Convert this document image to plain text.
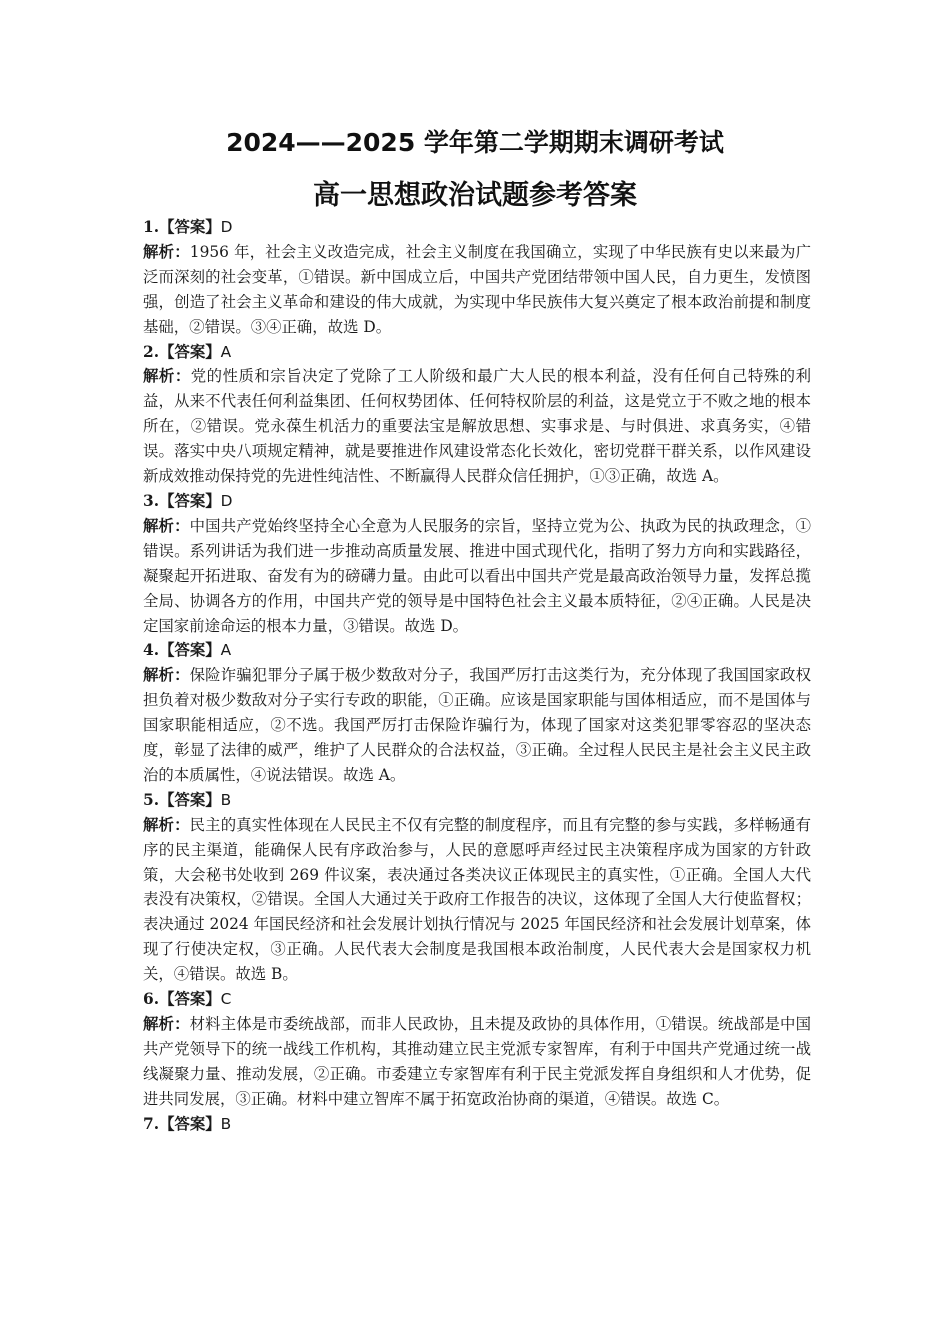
2024——2025 学年第二学期期末调研考试
高一思想政治试题参考答案
1.【答案】D
解析：1956 年，社会主义改造完成，社会主义制度在我国确立，实现了中华民族有史以来最为广泛而深刻的社会变革，①错误。新中国成立后，中国共产党团结带领中国人民，自力更生，发愤图强，创造了社会主义革命和建设的伟大成就，为实现中华民族伟大复兴奠定了根本政治前提和制度基础，②错误。③④正确，故选 D。
2.【答案】A
解析：党的性质和宗旨决定了党除了工人阶级和最广大人民的根本利益，没有任何自己特殊的利益，从来不代表任何利益集团、任何权势团体、任何特权阶层的利益，这是党立于不败之地的根本所在，②错误。党永葆生机活力的重要法宝是解放思想、实事求是、与时俱进、求真务实，④错误。落实中央八项规定精神，就是要推进作风建设常态化长效化，密切党群干群关系，以作风建设新成效推动保持党的先进性纯洁性、不断赢得人民群众信任拥护，①③正确，故选 A。
3.【答案】D
解析：中国共产党始终坚持全心全意为人民服务的宗旨，坚持立党为公、执政为民的执政理念，①错误。系列讲话为我们进一步推动高质量发展、推进中国式现代化，指明了努力方向和实践路径，凝聚起开拓进取、奋发有为的磅礴力量。由此可以看出中国共产党是最高政治领导力量，发挥总揽全局、协调各方的作用，中国共产党的领导是中国特色社会主义最本质特征，②④正确。人民是决定国家前途命运的根本力量，③错误。故选 D。
4.【答案】A
解析：保险诈骗犯罪分子属于极少数敌对分子，我国严厉打击这类行为，充分体现了我国国家政权担负着对极少数敌对分子实行专政的职能，①正确。应该是国家职能与国体相适应，而不是国体与国家职能相适应，②不选。我国严厉打击保险诈骗行为，体现了国家对这类犯罪零容忍的坚决态度，彰显了法律的威严，维护了人民群众的合法权益，③正确。全过程人民民主是社会主义民主政治的本质属性，④说法错误。故选 A。
5.【答案】B
解析：民主的真实性体现在人民民主不仅有完整的制度程序，而且有完整的参与实践，多样畅通有序的民主渠道，能确保人民有序政治参与，人民的意愿呼声经过民主决策程序成为国家的方针政策，大会秘书处收到 269 件议案，表决通过各类决议正体现民主的真实性，①正确。全国人大代表没有决策权，②错误。全国人大通过关于政府工作报告的决议，这体现了全国人大行使监督权；表决通过 2024 年国民经济和社会发展计划执行情况与 2025 年国民经济和社会发展计划草案，体现了行使决定权，③正确。人民代表大会制度是我国根本政治制度，人民代表大会是国家权力机关，④错误。故选 B。
6.【答案】C
解析：材料主体是市委统战部，而非人民政协，且未提及政协的具体作用，①错误。统战部是中国共产党领导下的统一战线工作机构，其推动建立民主党派专家智库，有利于中国共产党通过统一战线凝聚力量、推动发展，②正确。市委建立专家智库有利于民主党派发挥自身组织和人才优势，促进共同发展，③正确。材料中建立智库不属于拓宽政治协商的渠道，④错误。故选 C。
7.【答案】B
